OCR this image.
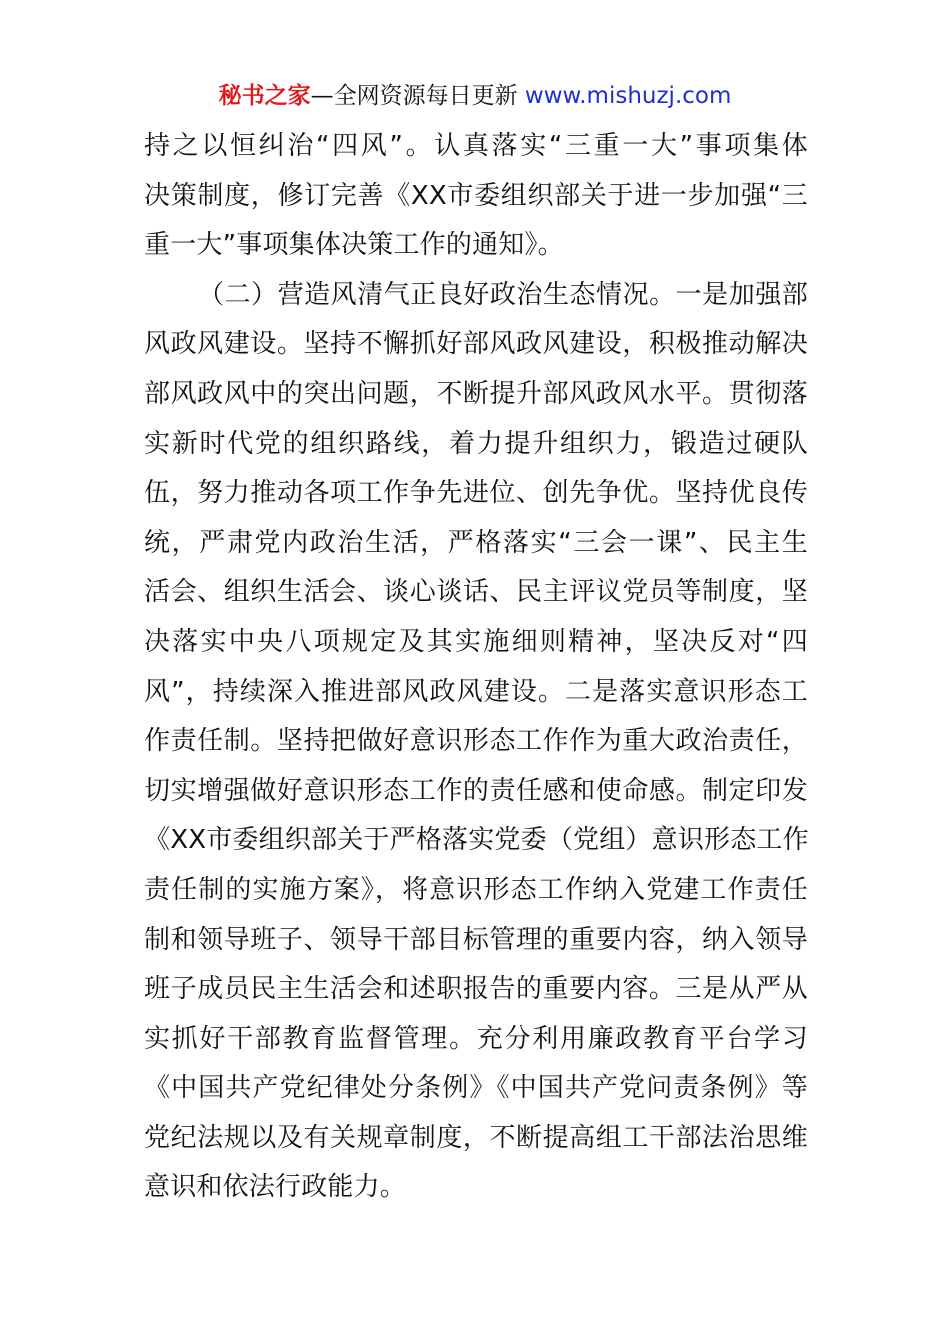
秘书之家—全网资源每日更新 www.mishuzj.com
持之以恒纠治“四风”。认真落实“三重一大”事项集体
决策制度，修订完善《XX市委组织部关于进一步加强“三
重一大”事项集体决策工作的通知》。
（二）营造风清气正良好政治生态情况。一是加强部
风政风建设。坚持不懈抓好部风政风建设，积极推动解决
部风政风中的突出问题，不断提升部风政风水平。贯彻落
实新时代党的组织路线，着力提升组织力，锻造过硬队
伍，努力推动各项工作争先进位、创先争优。坚持优良传
统，严肃党内政治生活，严格落实“三会一课”、民主生
活会、组织生活会、谈心谈话、民主评议党员等制度，坚
决落实中央八项规定及其实施细则精神，坚决反对“四
风”，持续深入推进部风政风建设。二是落实意识形态工
作责任制。坚持把做好意识形态工作作为重大政治责任，
切实增强做好意识形态工作的责任感和使命感。制定印发
《XX市委组织部关于严格落实党委（党组）意识形态工作
责任制的实施方案》，将意识形态工作纳入党建工作责任
制和领导班子、领导干部目标管理的重要内容，纳入领导
班子成员民主生活会和述职报告的重要内容。三是从严从
实抓好干部教育监督管理。充分利用廉政教育平台学习
《中国共产党纪律处分条例》《中国共产党问责条例》等
党纪法规以及有关规章制度，不断提高组工干部法治思维
意识和依法行政能力。
